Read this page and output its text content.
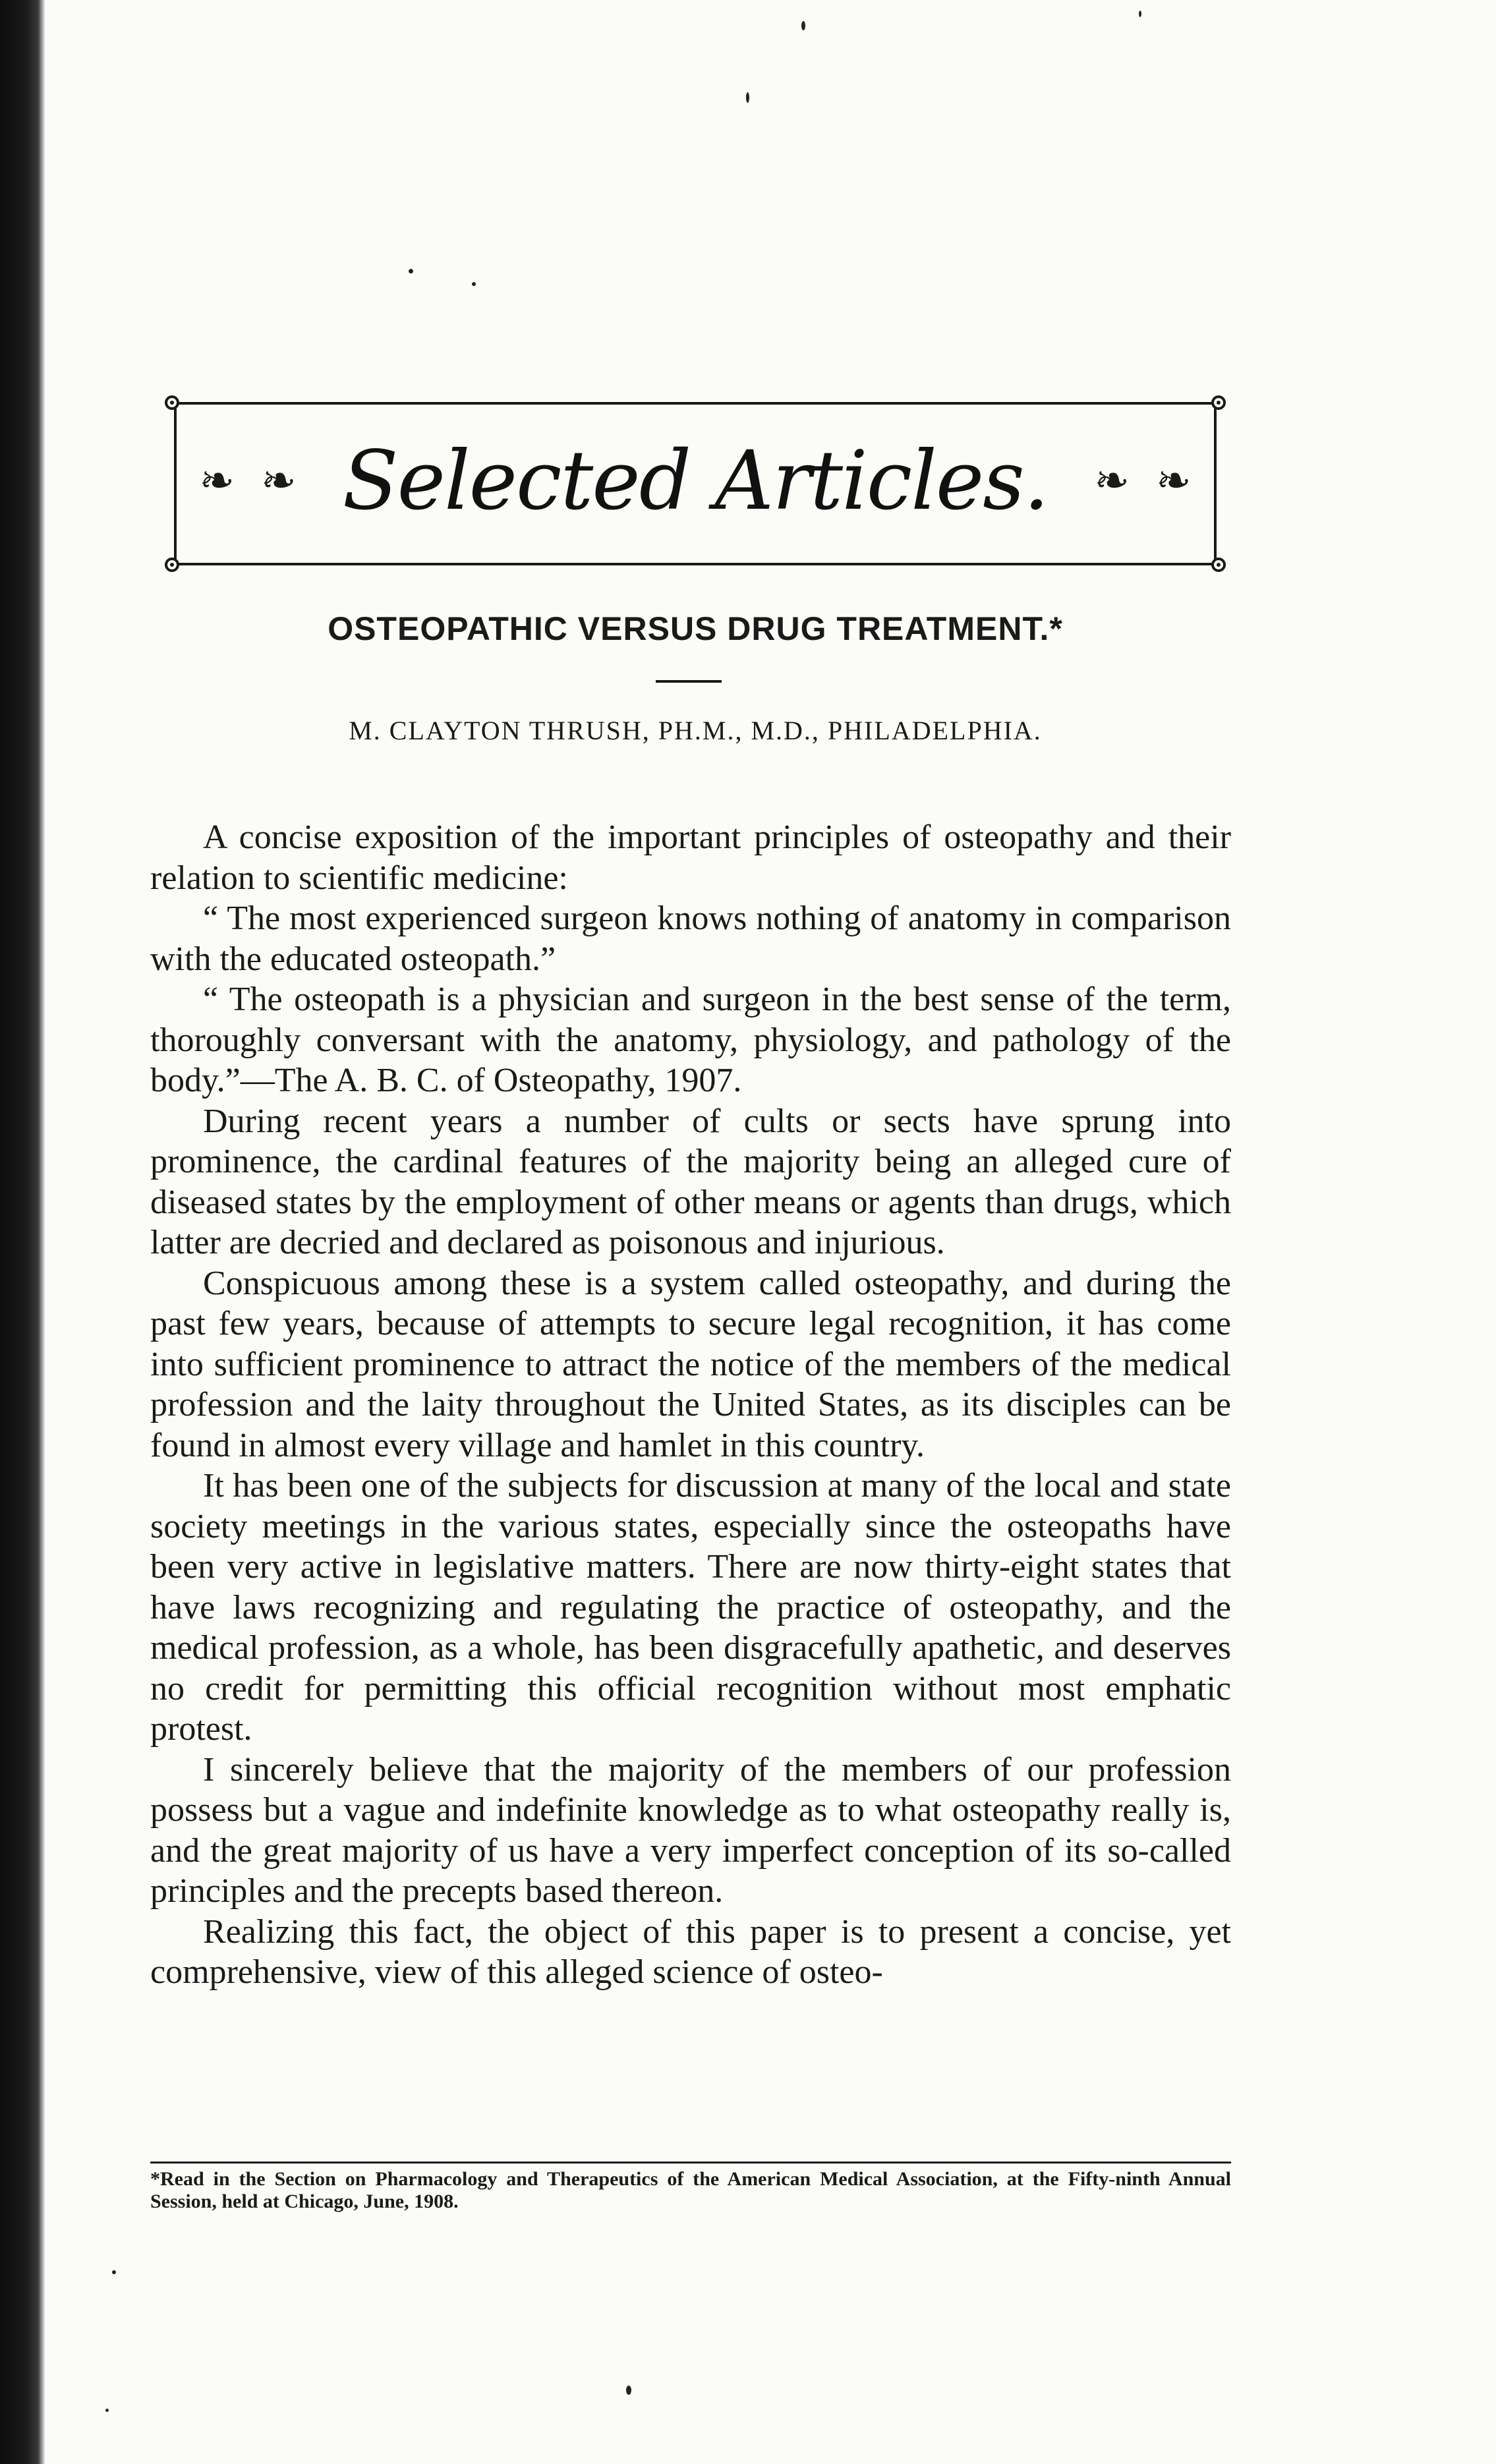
❧ ❧ Selected Articles. ❧ ❧
OSTEOPATHIC VERSUS DRUG TREATMENT.*
M. CLAYTON THRUSH, PH.M., M.D., PHILADELPHIA.

A concise exposition of the important principles of osteopathy and their relation to scientific medicine:

“ The most experienced surgeon knows nothing of anatomy in comparison with the educated osteopath.”

“ The osteopath is a physician and surgeon in the best sense of the term, thoroughly conversant with the anatomy, physiology, and pathology of the body.”—The A. B. C. of Osteopathy, 1907.

During recent years a number of cults or sects have sprung into prominence, the cardinal features of the majority being an alleged cure of diseased states by the employment of other means or agents than drugs, which latter are decried and declared as poisonous and injurious.

Conspicuous among these is a system called osteopathy, and during the past few years, because of attempts to secure legal recognition, it has come into sufficient prominence to attract the notice of the members of the medical profession and the laity throughout the United States, as its disciples can be found in almost every village and hamlet in this country.

It has been one of the subjects for discussion at many of the local and state society meetings in the various states, especially since the osteopaths have been very active in legislative matters. There are now thirty-eight states that have laws recognizing and regulating the practice of osteopathy, and the medical profession, as a whole, has been disgracefully apathetic, and deserves no credit for permitting this official recognition without most emphatic protest.

I sincerely believe that the majority of the members of our profession possess but a vague and indefinite knowledge as to what osteopathy really is, and the great majority of us have a very imperfect conception of its so-called principles and the precepts based thereon.

Realizing this fact, the object of this paper is to present a concise, yet comprehensive, view of this alleged science of osteo-

*Read in the Section on Pharmacology and Therapeutics of the American Medical Association, at the Fifty-ninth Annual Session, held at Chicago, June, 1908.
